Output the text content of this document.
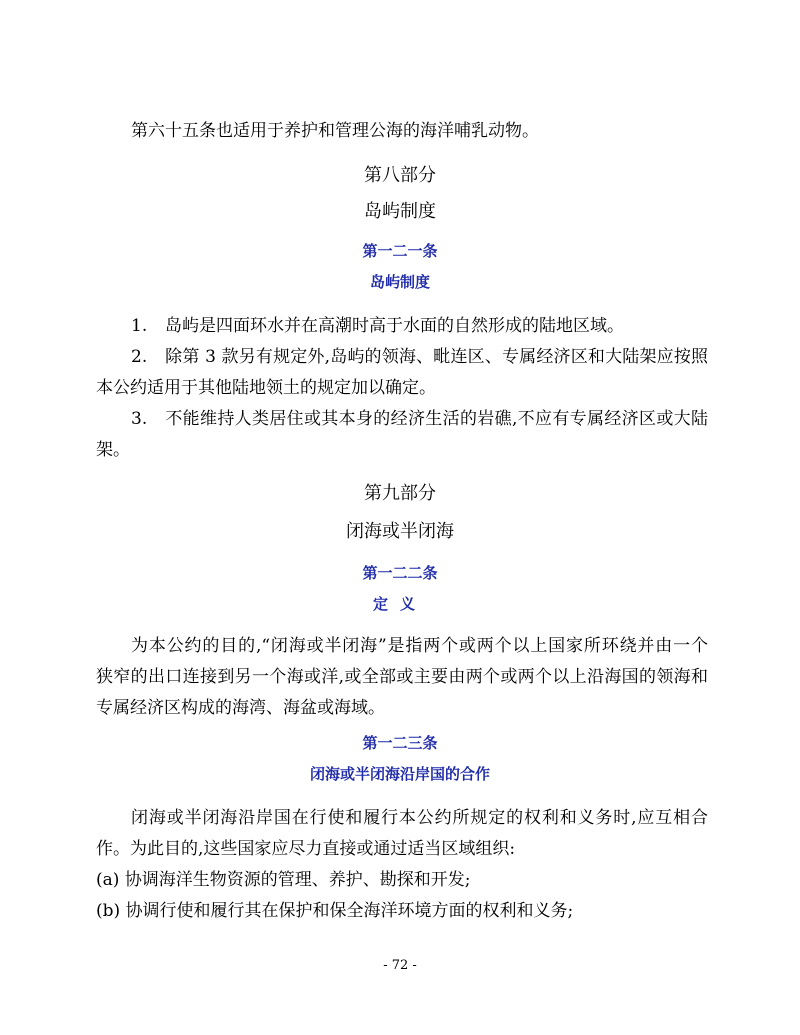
第六十五条也适用于养护和管理公海的海洋哺乳动物。
第八部分
岛屿制度
第一二一条
岛屿制度
1. 岛屿是四面环水并在高潮时高于水面的自然形成的陆地区域。
2. 除第 3 款另有规定外,岛屿的领海、毗连区、专属经济区和大陆架应按照
本公约适用于其他陆地领土的规定加以确定。
3. 不能维持人类居住或其本身的经济生活的岩礁,不应有专属经济区或大陆
架。
第九部分
闭海或半闭海
第一二二条
定义
为本公约的目的,“闭海或半闭海”是指两个或两个以上国家所环绕并由一个
狭窄的出口连接到另一个海或洋,或全部或主要由两个或两个以上沿海国的领海和
专属经济区构成的海湾、海盆或海域。
第一二三条
闭海或半闭海沿岸国的合作
闭海或半闭海沿岸国在行使和履行本公约所规定的权利和义务时,应互相合
作。为此目的,这些国家应尽力直接或通过适当区域组织:
(a) 协调海洋生物资源的管理、养护、勘探和开发;
(b) 协调行使和履行其在保护和保全海洋环境方面的权利和义务;
- 72 -
